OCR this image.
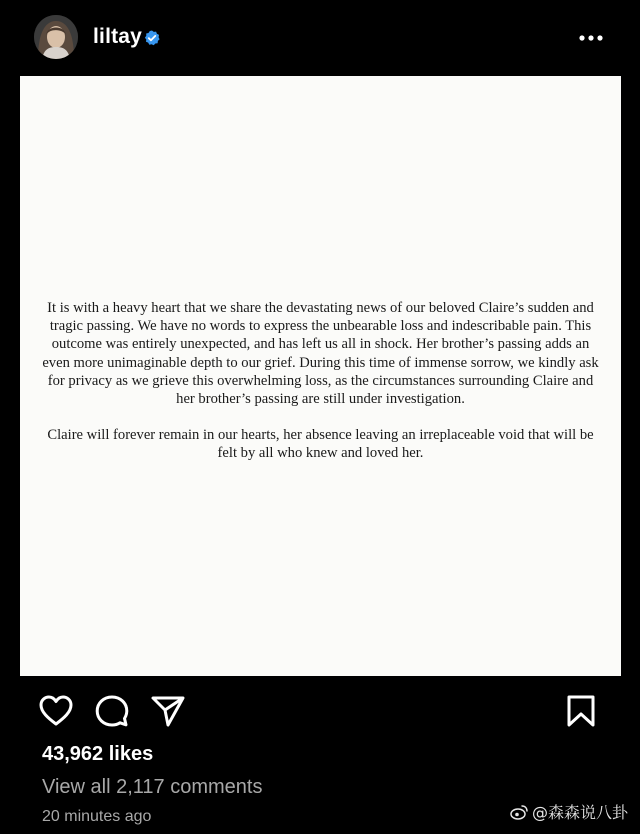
liltay

It is with a heavy heart that we share the devastating news of our beloved Claire’s sudden and tragic passing. We have no words to express the unbearable loss and indescribable pain. This outcome was entirely unexpected, and has left us all in shock. Her brother’s passing adds an even more unimaginable depth to our grief. During this time of immense sorrow, we kindly ask for privacy as we grieve this overwhelming loss, as the circumstances surrounding Claire and her brother’s passing are still under investigation.

Claire will forever remain in our hearts, her absence leaving an irreplaceable void that will be felt by all who knew and loved her.

43,962 likes
View all 2,117 comments
20 minutes ago	@森森说八卦
